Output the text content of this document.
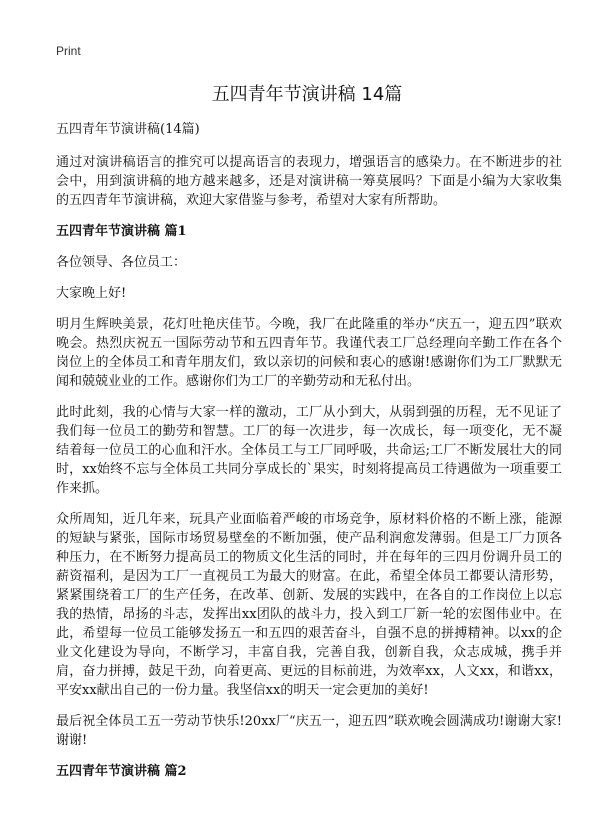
Print
五四青年节演讲稿 14篇

五四青年节演讲稿(14篇)

通过对演讲稿语言的推究可以提高语言的表现力，增强语言的感染力。在不断进步的社会中，用到演讲稿的地方越来越多，还是对演讲稿一筹莫展吗？下面是小编为大家收集的五四青年节演讲稿，欢迎大家借鉴与参考，希望对大家有所帮助。

五四青年节演讲稿 篇1

各位领导、各位员工：

大家晚上好!

明月生辉映美景，花灯吐艳庆佳节。今晚，我厂在此隆重的举办“庆五一，迎五四”联欢晚会。热烈庆祝五一国际劳动节和五四青年节。我谨代表工厂总经理向辛勤工作在各个岗位上的全体员工和青年朋友们，致以亲切的问候和衷心的感谢!感谢你们为工厂默默无闻和兢兢业业的工作。感谢你们为工厂的辛勤劳动和无私付出。

此时此刻，我的心情与大家一样的激动，工厂从小到大，从弱到强的历程，无不见证了我们每一位员工的勤劳和智慧。工厂的每一次进步，每一次成长，每一项变化，无不凝结着每一位员工的心血和汗水。全体员工与工厂同呼吸，共命运;工厂不断发展壮大的同时，xx始终不忘与全体员工共同分享成长的`果实，时刻将提高员工待遇做为一项重要工作来抓。

众所周知，近几年来，玩具产业面临着严峻的市场竞争，原材料价格的不断上涨，能源的短缺与紧张，国际市场贸易壁垒的不断加强，使产品利润愈发薄弱。但是工厂力顶各种压力，在不断努力提高员工的物质文化生活的同时，并在每年的三四月份调升员工的薪资福利，是因为工厂一直视员工为最大的财富。在此，希望全体员工都要认清形势，紧紧围绕着工厂的生产任务，在改革、创新、发展的实践中，在各自的工作岗位上以忘我的热情，昂扬的斗志，发挥出xx团队的战斗力，投入到工厂新一轮的宏图伟业中。在此，希望每一位员工能够发扬五一和五四的艰苦奋斗，自强不息的拼搏精神。以xx的企业文化建设为导向，不断学习，丰富自我，完善自我，创新自我，众志成城，携手并肩，奋力拼搏，鼓足干劲，向着更高、更远的目标前进，为效率xx，人文xx，和谐xx，平安xx献出自己的一份力量。我坚信xx的明天一定会更加的美好!

最后祝全体员工五一劳动节快乐!20xx厂“庆五一，迎五四”联欢晚会圆满成功!谢谢大家!谢谢!

五四青年节演讲稿 篇2
